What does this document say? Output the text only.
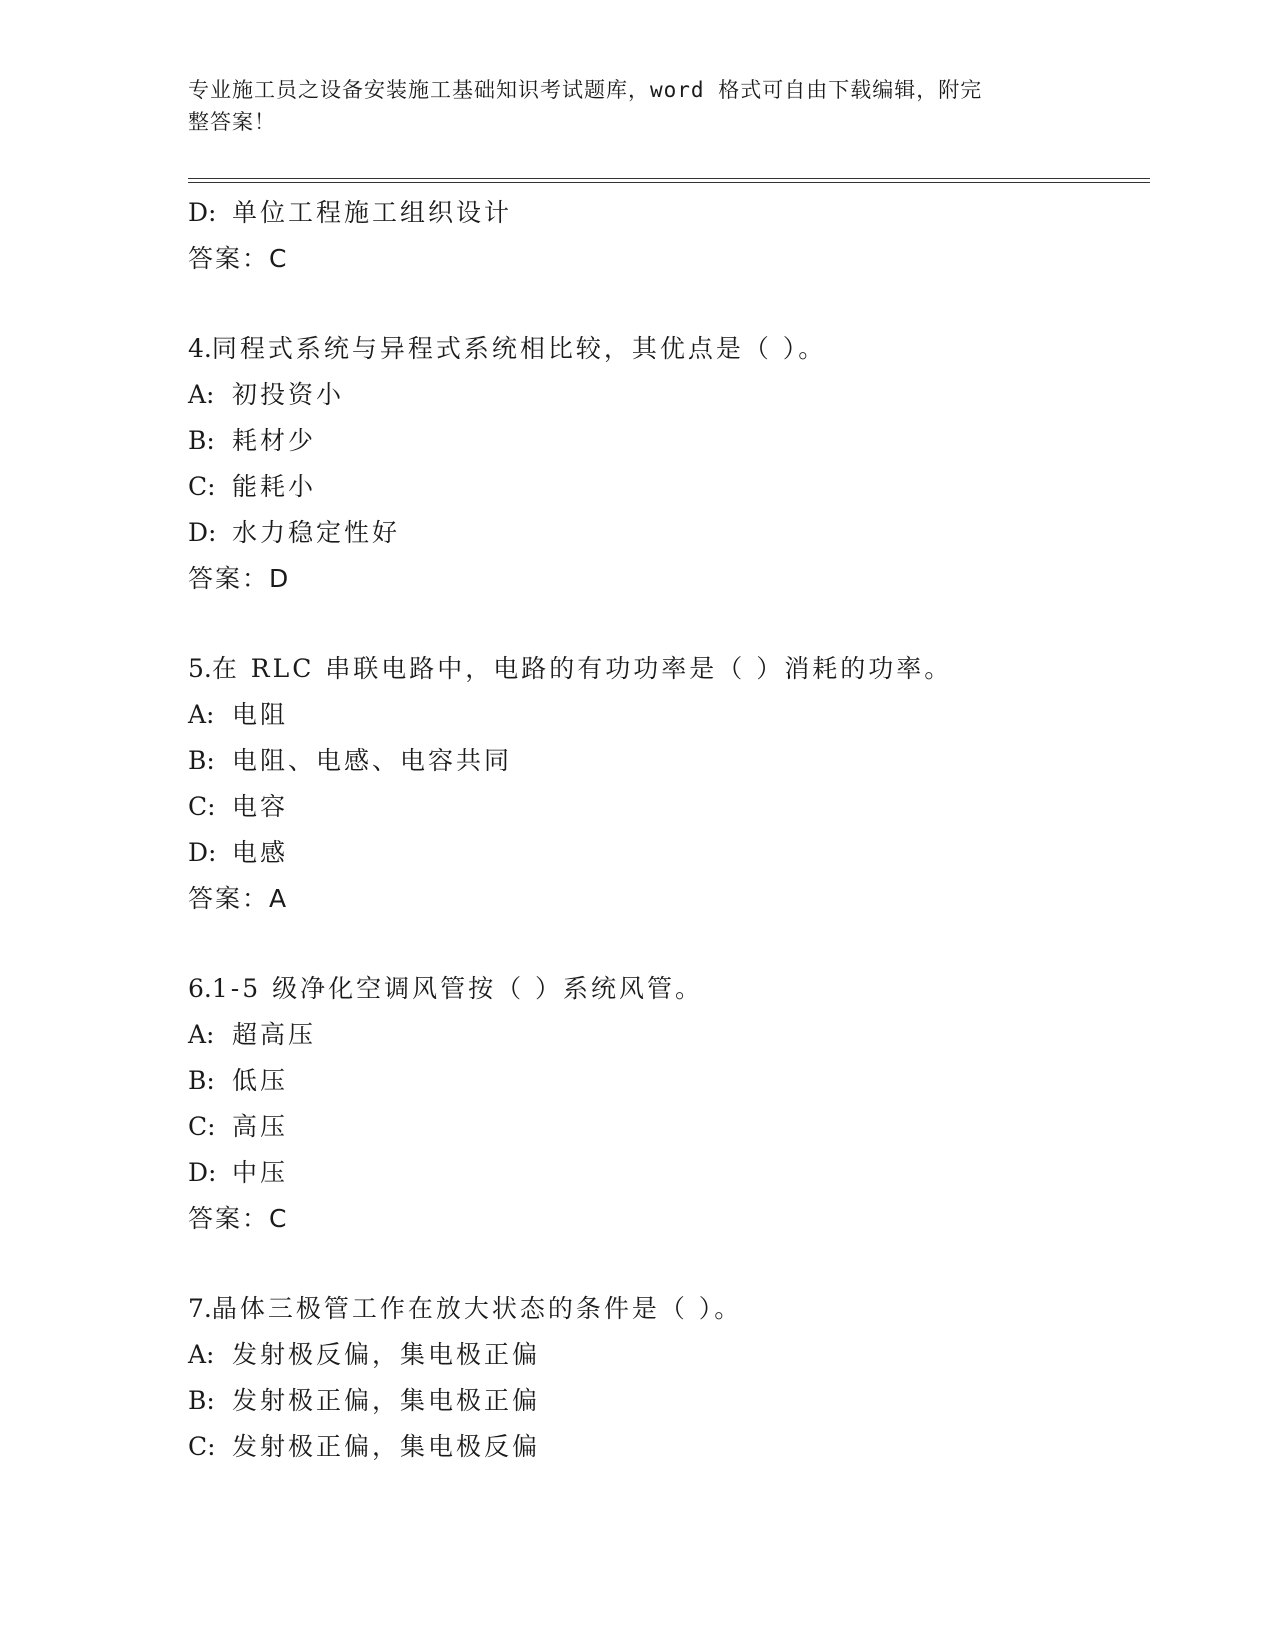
专业施工员之设备安装施工基础知识考试题库，word 格式可自由下载编辑，附完
整答案！
D: 单位工程施工组织设计
答案：C
4.同程式系统与异程式系统相比较，其优点是（ ）。
A: 初投资小
B: 耗材少
C: 能耗小
D: 水力稳定性好
答案：D
5.在 RLC 串联电路中，电路的有功功率是（ ）消耗的功率。
A: 电阻
B: 电阻、电感、电容共同
C: 电容
D: 电感
答案：A
6.1-5 级净化空调风管按（ ）系统风管。
A: 超高压
B: 低压
C: 高压
D: 中压
答案：C
7.晶体三极管工作在放大状态的条件是（ ）。
A: 发射极反偏，集电极正偏
B: 发射极正偏，集电极正偏
C: 发射极正偏，集电极反偏
